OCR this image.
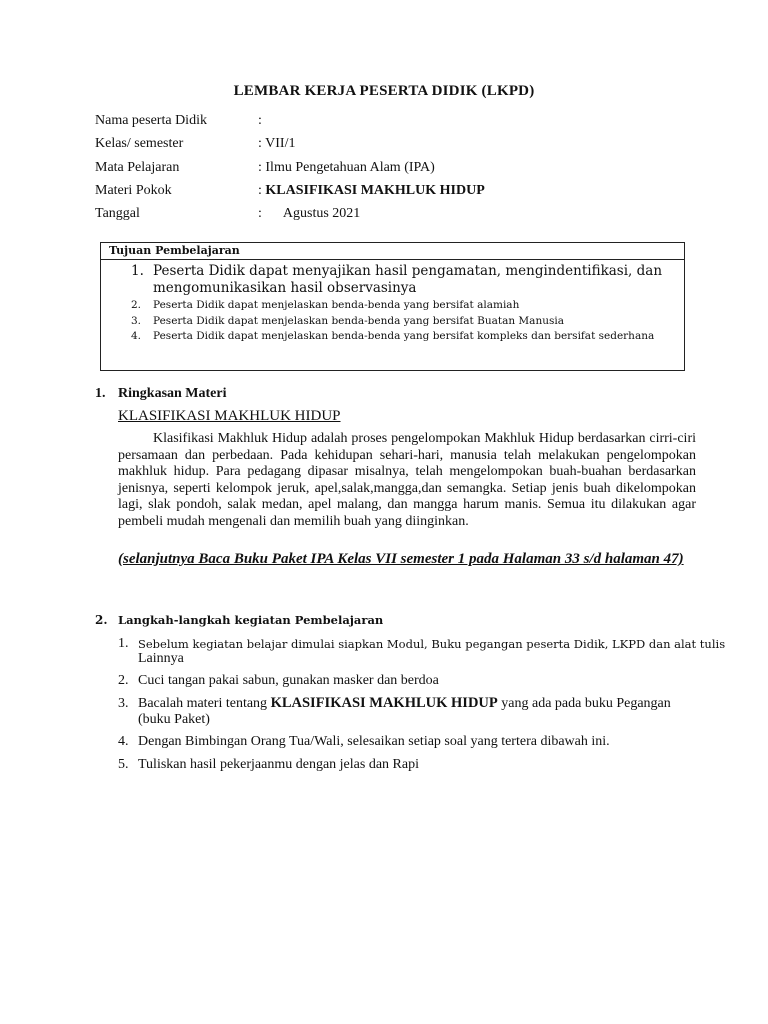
LEMBAR KERJA PESERTA DIDIK (LKPD)
Nama peserta Didik	:
Kelas/ semester	: VII/1
Mata Pelajaran	: Ilmu Pengetahuan Alam (IPA)
Materi Pokok	: KLASIFIKASI MAKHLUK HIDUP
Tanggal	:      Agustus 2021
Tujuan Pembelajaran
1. Peserta Didik dapat menyajikan hasil pengamatan, mengindentifikasi, dan
mengomunikasikan hasil observasinya
2. Peserta Didik dapat menjelaskan benda-benda yang bersifat alamiah
3. Peserta Didik dapat menjelaskan benda-benda yang bersifat Buatan Manusia
4. Peserta Didik dapat menjelaskan benda-benda yang bersifat kompleks dan bersifat sederhana
1. Ringkasan Materi
KLASIFIKASI MAKHLUK HIDUP
Klasifikasi Makhluk Hidup adalah proses pengelompokan Makhluk Hidup berdasarkan cirri-ciri persamaan dan perbedaan. Pada kehidupan sehari-hari, manusia telah melakukan pengelompokan makhluk hidup. Para pedagang dipasar misalnya, telah mengelompokan buah-buahan berdasarkan jenisnya, seperti kelompok jeruk, apel,salak,mangga,dan semangka. Setiap jenis buah dikelompokan lagi, slak pondoh, salak medan, apel malang, dan mangga harum manis. Semua itu dilakukan agar pembeli mudah mengenali dan memilih buah yang diinginkan.
(selanjutnya Baca Buku Paket IPA Kelas VII semester 1 pada Halaman 33 s/d halaman 47)
2. Langkah-langkah kegiatan Pembelajaran
1. Sebelum kegiatan belajar dimulai siapkan Modul, Buku pegangan peserta Didik, LKPD dan alat tulis
Lainnya
2. Cuci tangan pakai sabun, gunakan masker dan berdoa
3. Bacalah materi tentang KLASIFIKASI MAKHLUK HIDUP yang ada pada buku Pegangan
(buku Paket)
4. Dengan Bimbingan Orang Tua/Wali, selesaikan setiap soal yang tertera dibawah ini.
5. Tuliskan hasil pekerjaanmu dengan jelas dan Rapi
